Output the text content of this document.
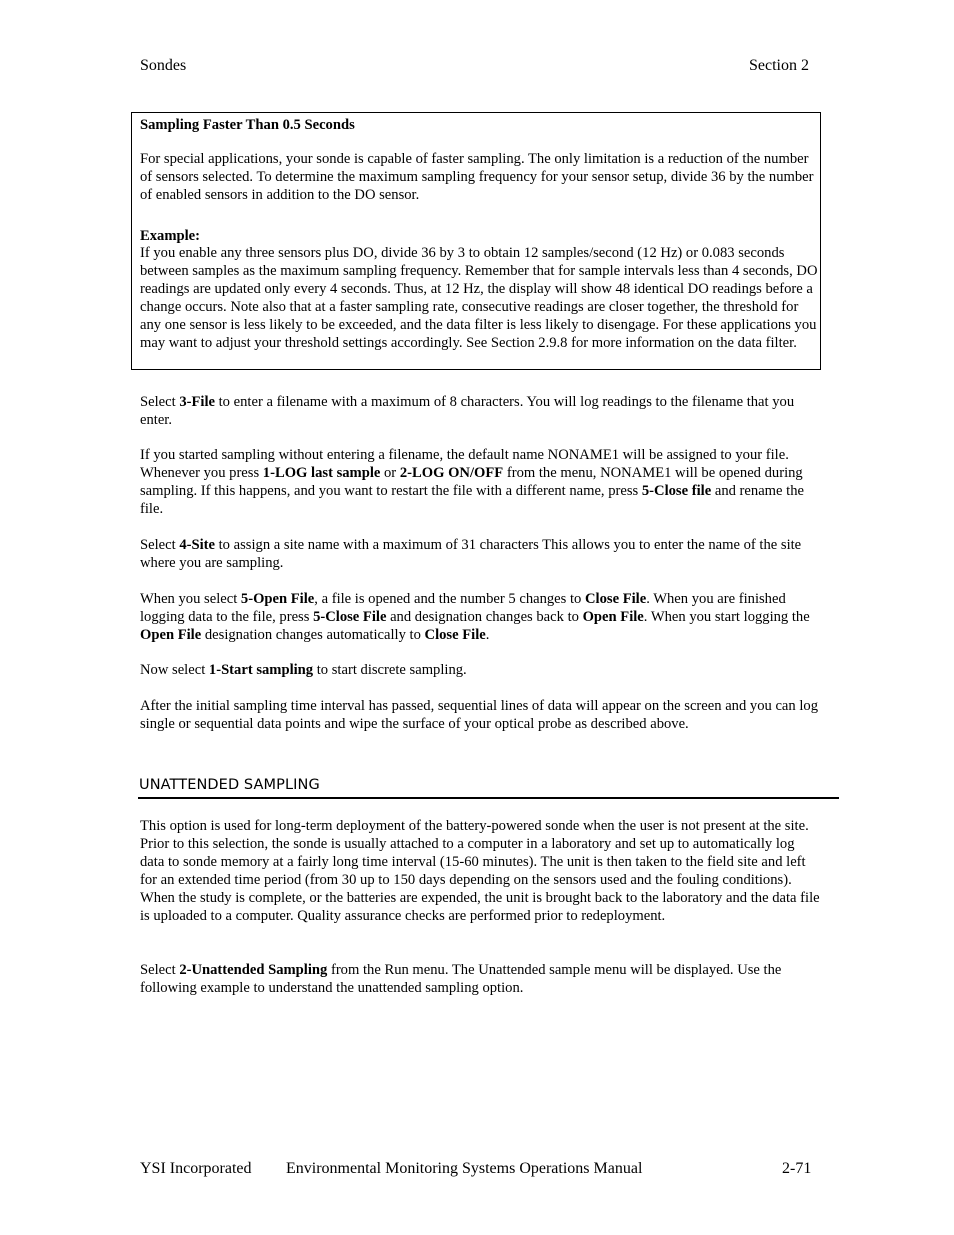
Sondes	Section 2

Sampling Faster Than 0.5 Seconds

For special applications, your sonde is capable of faster sampling. The only limitation is a reduction of the number of sensors selected. To determine the maximum sampling frequency for your sensor setup, divide 36 by the number of enabled sensors in addition to the DO sensor.

Example:

If you enable any three sensors plus DO, divide 36 by 3 to obtain 12 samples/second (12 Hz) or 0.083 seconds between samples as the maximum sampling frequency. Remember that for sample intervals less than 4 seconds, DO readings are updated only every 4 seconds. Thus, at 12 Hz, the display will show 48 identical DO readings before a change occurs. Note also that at a faster sampling rate, consecutive readings are closer together, the threshold for any one sensor is less likely to be exceeded, and the data filter is less likely to disengage. For these applications you may want to adjust your threshold settings accordingly. See Section 2.9.8 for more information on the data filter.

Select 3-File to enter a filename with a maximum of 8 characters. You will log readings to the filename that you enter.

If you started sampling without entering a filename, the default name NONAME1 will be assigned to your file. Whenever you press 1-LOG last sample or 2-LOG ON/OFF from the menu, NONAME1 will be opened during sampling. If this happens, and you want to restart the file with a different name, press 5-Close file and rename the file.

Select 4-Site to assign a site name with a maximum of 31 characters This allows you to enter the name of the site where you are sampling.

When you select 5-Open File, a file is opened and the number 5 changes to Close File. When you are finished logging data to the file, press 5-Close File and designation changes back to Open File. When you start logging the Open File designation changes automatically to Close File.

Now select 1-Start sampling to start discrete sampling.

After the initial sampling time interval has passed, sequential lines of data will appear on the screen and you can log single or sequential data points and wipe the surface of your optical probe as described above.

UNATTENDED SAMPLING

This option is used for long-term deployment of the battery-powered sonde when the user is not present at the site. Prior to this selection, the sonde is usually attached to a computer in a laboratory and set up to automatically log data to sonde memory at a fairly long time interval (15-60 minutes). The unit is then taken to the field site and left for an extended time period (from 30 up to 150 days depending on the sensors used and the fouling conditions). When the study is complete, or the batteries are expended, the unit is brought back to the laboratory and the data file is uploaded to a computer. Quality assurance checks are performed prior to redeployment.

Select 2-Unattended Sampling from the Run menu. The Unattended sample menu will be displayed. Use the following example to understand the unattended sampling option.

YSI Incorporated Environmental Monitoring Systems Operations Manual	2-71
